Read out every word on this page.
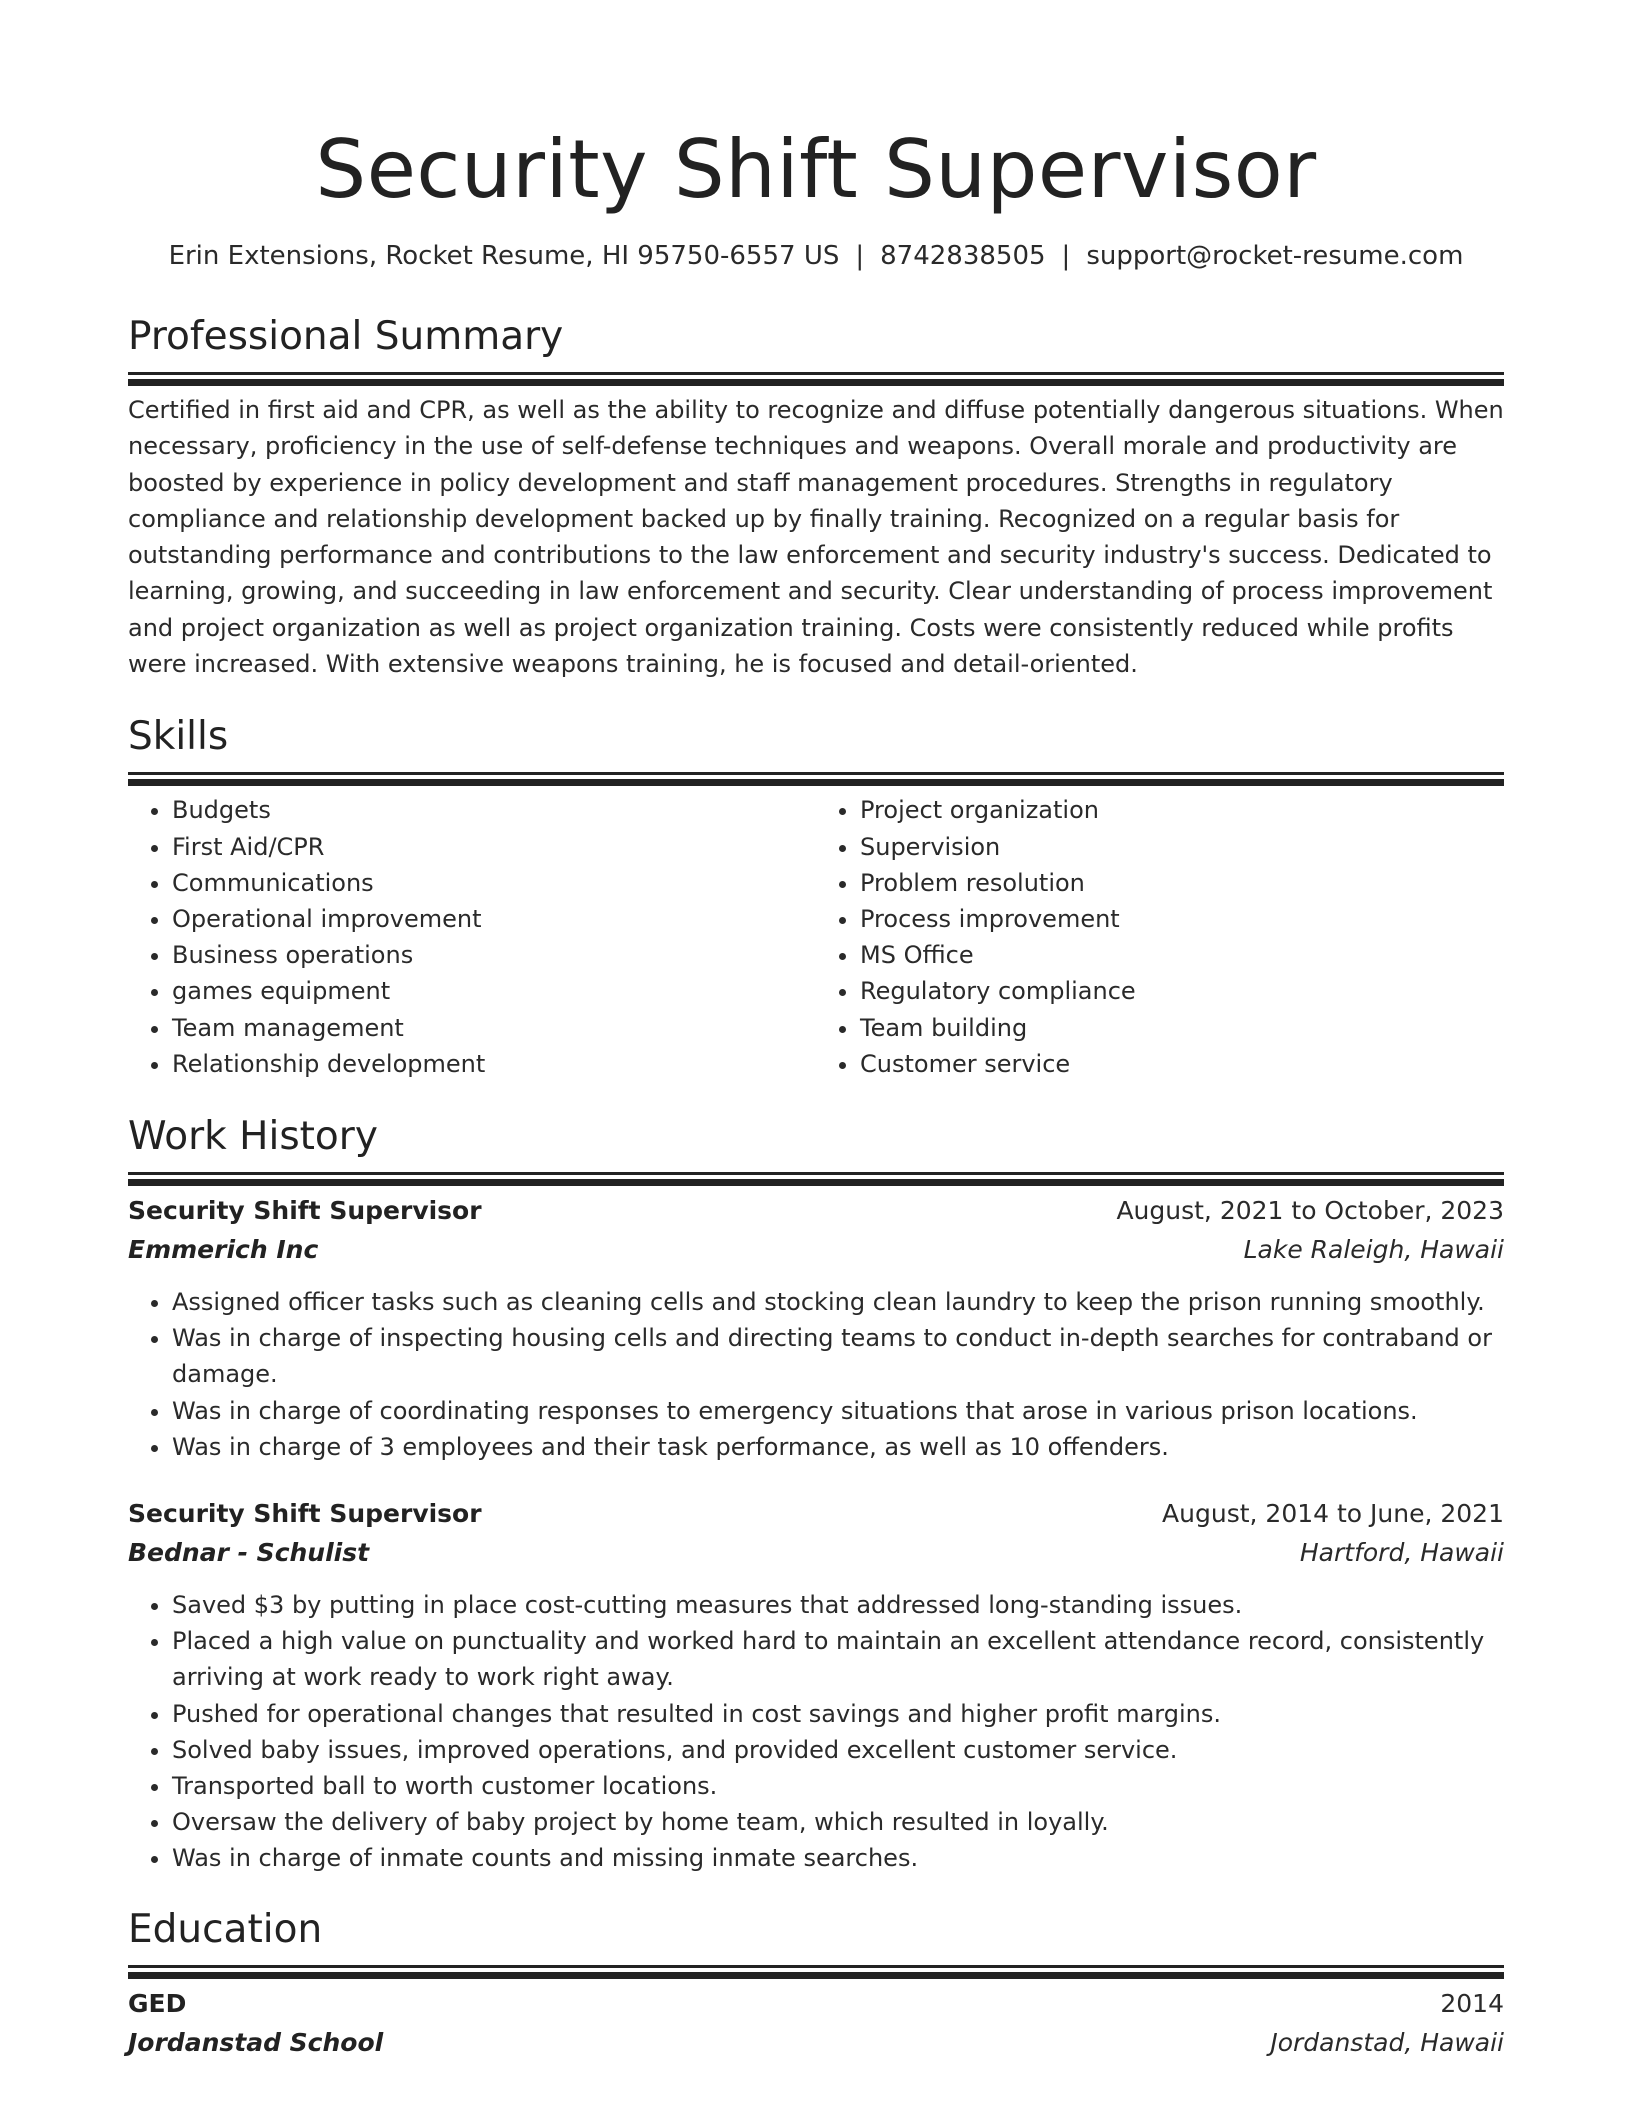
Security Shift Supervisor
Erin Extensions, Rocket Resume, HI 95750-6557 US | 8742838505 | support@rocket-resume.com
Professional Summary

Certified in first aid and CPR, as well as the ability to recognize and diffuse potentially dangerous situations. When necessary, proficiency in the use of self-defense techniques and weapons. Overall morale and productivity are boosted by experience in policy development and staff management procedures. Strengths in regulatory compliance and relationship development backed up by finally training. Recognized on a regular basis for outstanding performance and contributions to the law enforcement and security industry's success. Dedicated to learning, growing, and succeeding in law enforcement and security. Clear understanding of process improvement and project organization as well as project organization training. Costs were consistently reduced while profits were increased. With extensive weapons training, he is focused and detail-oriented.

Skills
• Budgets
• First Aid/CPR
• Communications
• Operational improvement
• Business operations
• games equipment
• Team management
• Relationship development
• Project organization
• Supervision
• Problem resolution
• Process improvement
• MS Office
• Regulatory compliance
• Team building
• Customer service
Work History
Security Shift Supervisor	August, 2021 to October, 2023
Emmerich Inc	Lake Raleigh, Hawaii
• Assigned officer tasks such as cleaning cells and stocking clean laundry to keep the prison running smoothly.
• Was in charge of inspecting housing cells and directing teams to conduct in-depth searches for contraband or damage.
• Was in charge of coordinating responses to emergency situations that arose in various prison locations.
• Was in charge of 3 employees and their task performance, as well as 10 offenders.
Security Shift Supervisor	August, 2014 to June, 2021
Bednar - Schulist	Hartford, Hawaii
• Saved $3 by putting in place cost-cutting measures that addressed long-standing issues.
• Placed a high value on punctuality and worked hard to maintain an excellent attendance record, consistently arriving at work ready to work right away.
• Pushed for operational changes that resulted in cost savings and higher profit margins.
• Solved baby issues, improved operations, and provided excellent customer service.
• Transported ball to worth customer locations.
• Oversaw the delivery of baby project by home team, which resulted in loyally.
• Was in charge of inmate counts and missing inmate searches.
Education
GED	2014
Jordanstad School	Jordanstad, Hawaii
